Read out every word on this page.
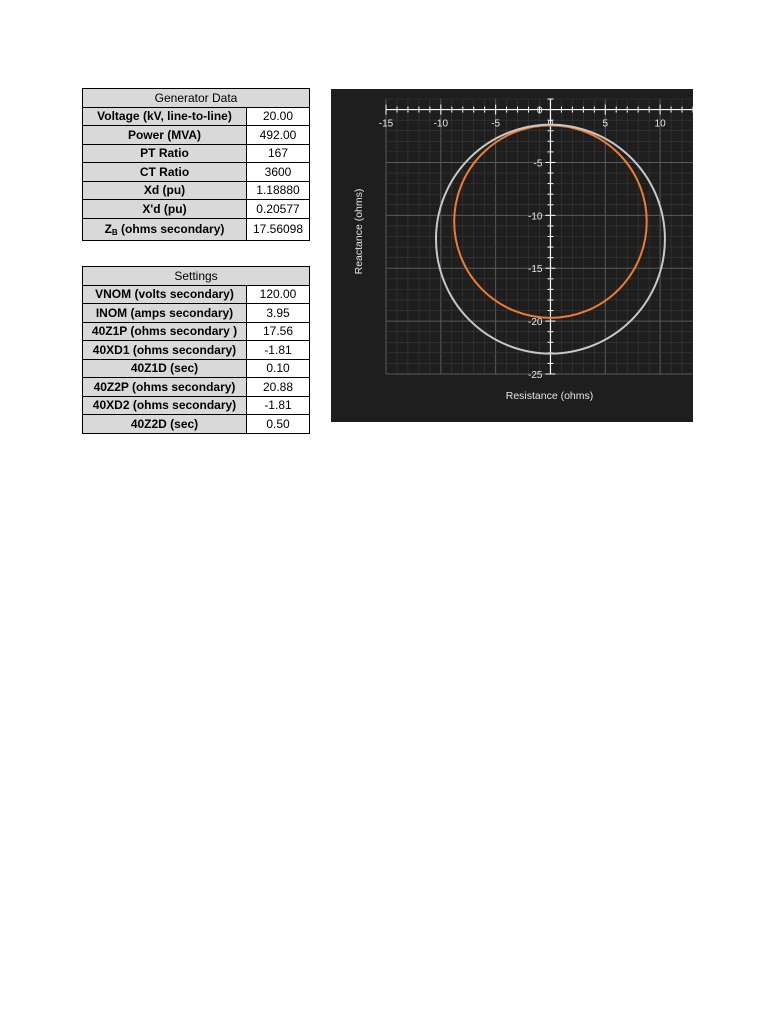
Generator Data	
Voltage (kV, line-to-line)	20.00
Power (MVA)	492.00
PT Ratio	167
CT Ratio	3600
Xd (pu)	1.18880
X'd (pu)	0.20577
$Z_B$ (ohms secondary)	17.56098
Settings	
VNOM (volts secondary)	120.00
INOM (amps secondary)	3.95
40Z1P (ohms secondary )	17.56
40XD1 (ohms secondary)	-1.81
40Z1D (sec)	0.10
40Z2P (ohms secondary)	20.88
40XD2 (ohms secondary)	-1.81
40Z2D (sec)	0.50
-15	-10	-5	0	5	10
0
-5
-10
-15
-20
-25
Resistance (ohms)
Reactance (ohms)
